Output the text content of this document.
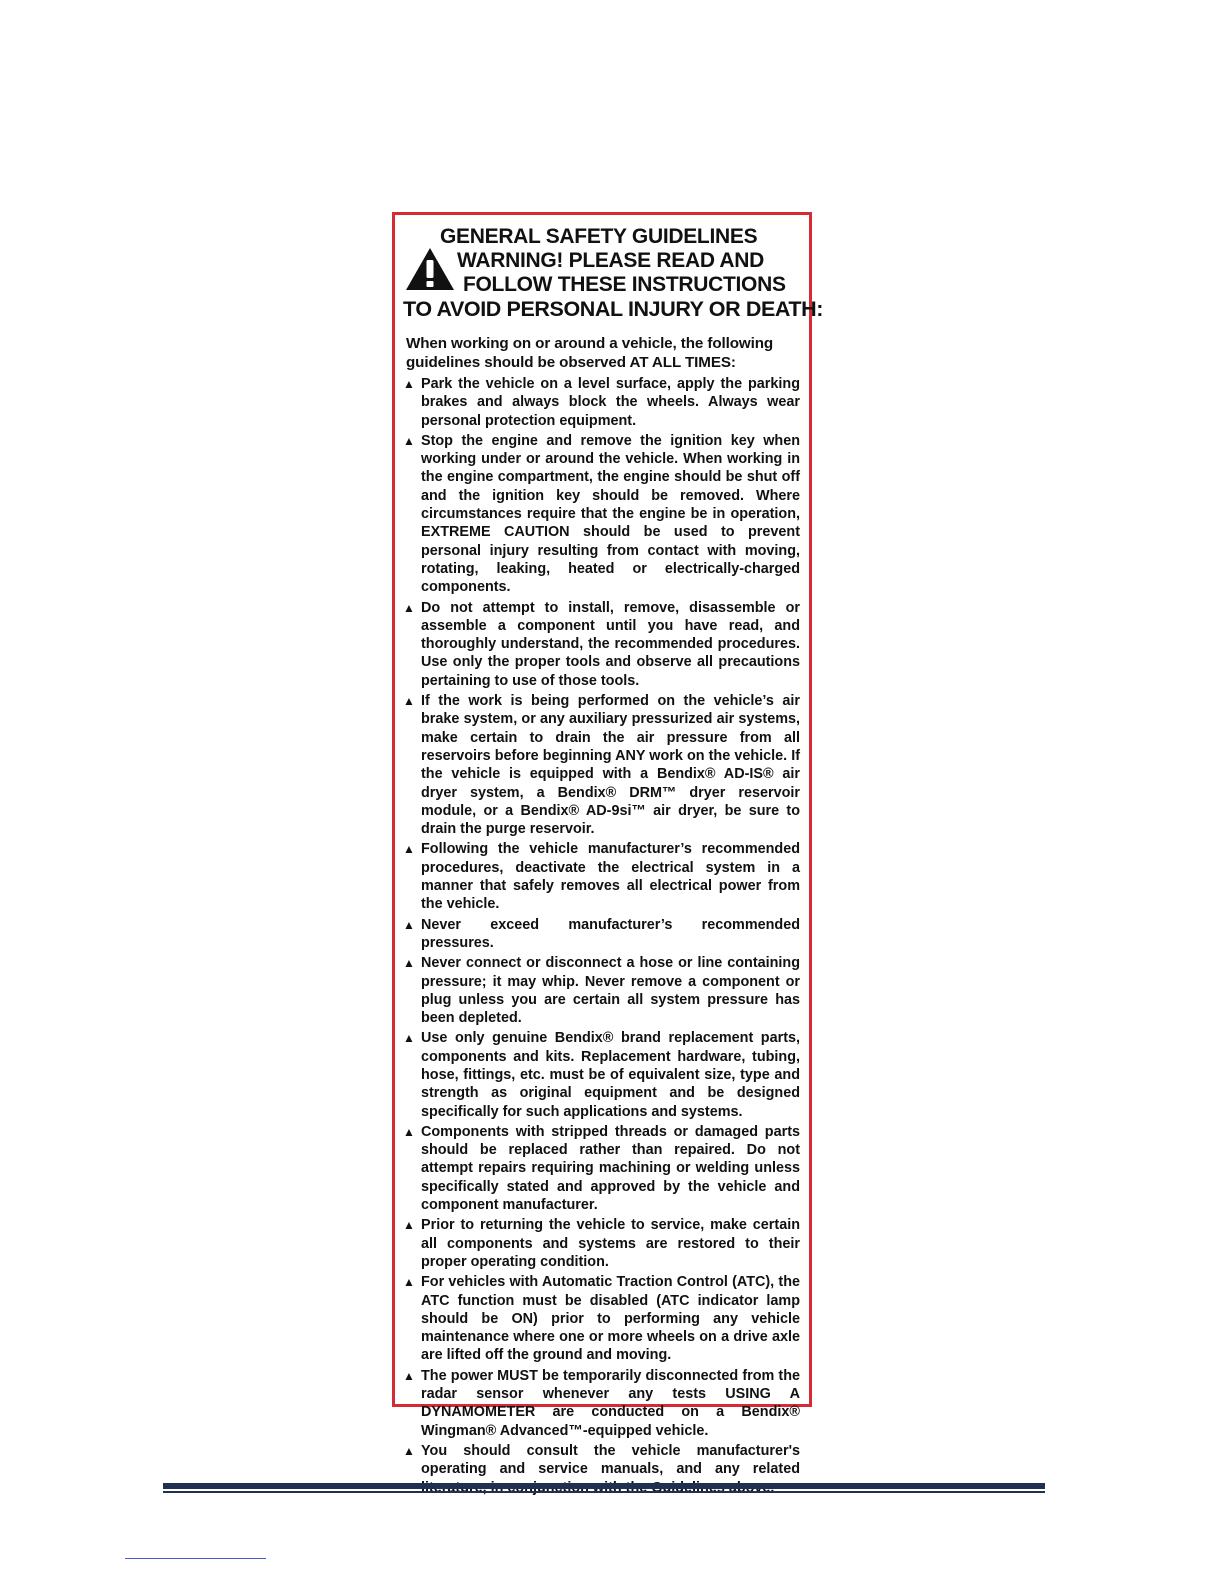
GENERAL SAFETY GUIDELINES
WARNING! PLEASE READ AND
FOLLOW THESE INSTRUCTIONS
TO AVOID PERSONAL INJURY OR DEATH:

When working on or around a vehicle, the following guidelines should be observed AT ALL TIMES:

▲ Park the vehicle on a level surface, apply the parking brakes and always block the wheels. Always wear personal protection equipment.
▲ Stop the engine and remove the ignition key when working under or around the vehicle. When working in the engine compartment, the engine should be shut off and the ignition key should be removed. Where circumstances require that the engine be in operation, EXTREME CAUTION should be used to prevent personal injury resulting from contact with moving, rotating, leaking, heated or electrically-charged components.
▲ Do not attempt to install, remove, disassemble or assemble a component until you have read, and thoroughly understand, the recommended procedures. Use only the proper tools and observe all precautions pertaining to use of those tools.
▲ If the work is being performed on the vehicle’s air brake system, or any auxiliary pressurized air systems, make certain to drain the air pressure from all reservoirs before beginning ANY work on the vehicle. If the vehicle is equipped with a Bendix® AD-IS® air dryer system, a Bendix® DRM™ dryer reservoir module, or a Bendix® AD-9si™ air dryer, be sure to drain the purge reservoir.
▲ Following the vehicle manufacturer’s recommended procedures, deactivate the electrical system in a manner that safely removes all electrical power from the vehicle.
▲ Never exceed manufacturer’s recommended pressures.
▲ Never connect or disconnect a hose or line containing pressure; it may whip. Never remove a component or plug unless you are certain all system pressure has been depleted.
▲ Use only genuine Bendix® brand replacement parts, components and kits. Replacement hardware, tubing, hose, fittings, etc. must be of equivalent size, type and strength as original equipment and be designed specifically for such applications and systems.
▲ Components with stripped threads or damaged parts should be replaced rather than repaired. Do not attempt repairs requiring machining or welding unless specifically stated and approved by the vehicle and component manufacturer.
▲ Prior to returning the vehicle to service, make certain all components and systems are restored to their proper operating condition.
▲ For vehicles with Automatic Traction Control (ATC), the ATC function must be disabled (ATC indicator lamp should be ON) prior to performing any vehicle maintenance where one or more wheels on a drive axle are lifted off the ground and moving.
▲ The power MUST be temporarily disconnected from the radar sensor whenever any tests USING A DYNAMOMETER are conducted on a Bendix® Wingman® Advanced™-equipped vehicle.
▲ You should consult the vehicle manufacturer's operating and service manuals, and any related
